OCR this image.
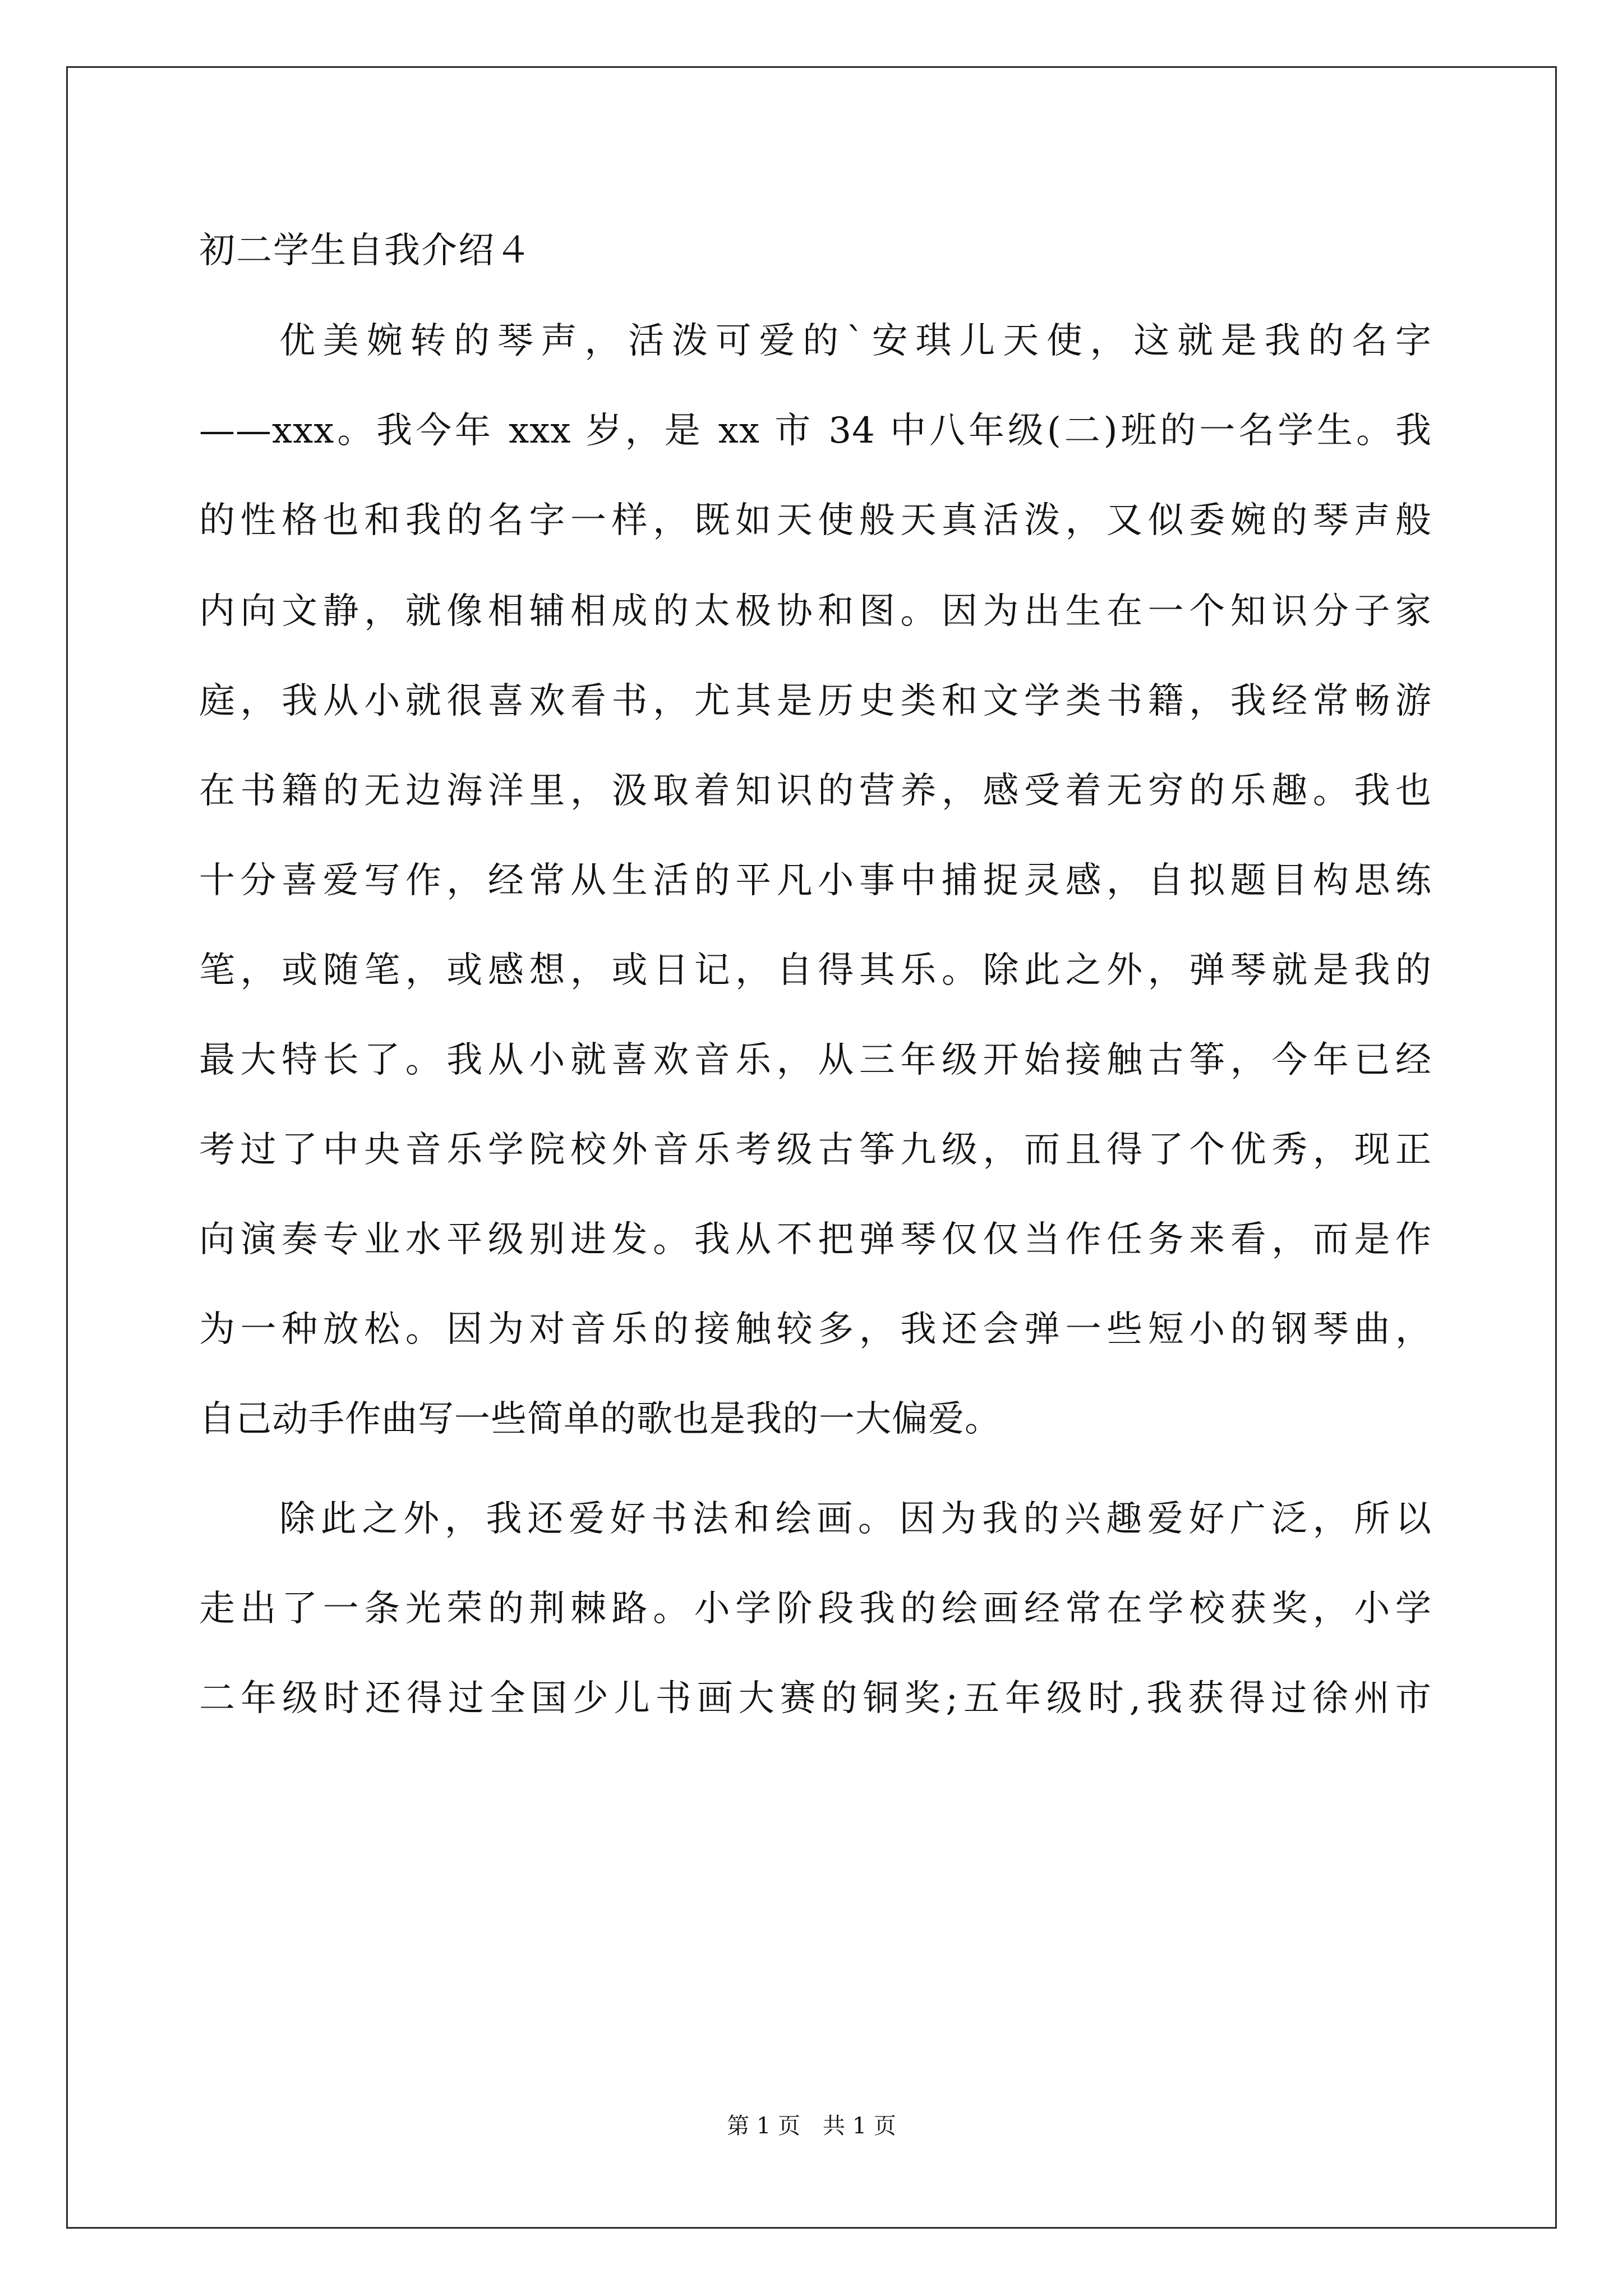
初二学生自我介绍４
优美婉转的琴声，活泼可爱的`安琪儿天使，这就是我的名字
——xxx。我今年 xxx 岁，是 xx 市 34 中八年级(二)班的一名学生。我
的性格也和我的名字一样，既如天使般天真活泼，又似委婉的琴声般
内向文静，就像相辅相成的太极协和图。因为出生在一个知识分子家
庭，我从小就很喜欢看书，尤其是历史类和文学类书籍，我经常畅游
在书籍的无边海洋里，汲取着知识的营养，感受着无穷的乐趣。我也
十分喜爱写作，经常从生活的平凡小事中捕捉灵感，自拟题目构思练
笔，或随笔，或感想，或日记，自得其乐。除此之外，弹琴就是我的
最大特长了。我从小就喜欢音乐，从三年级开始接触古筝，今年已经
考过了中央音乐学院校外音乐考级古筝九级，而且得了个优秀，现正
向演奏专业水平级别进发。我从不把弹琴仅仅当作任务来看，而是作
为一种放松。因为对音乐的接触较多，我还会弹一些短小的钢琴曲，
自己动手作曲写一些简单的歌也是我的一大偏爱。
除此之外，我还爱好书法和绘画。因为我的兴趣爱好广泛，所以
走出了一条光荣的荆棘路。小学阶段我的绘画经常在学校获奖，小学
二年级时还得过全国少儿书画大赛的铜奖;五年级时,我获得过徐州市
第 1 页　共 1 页
